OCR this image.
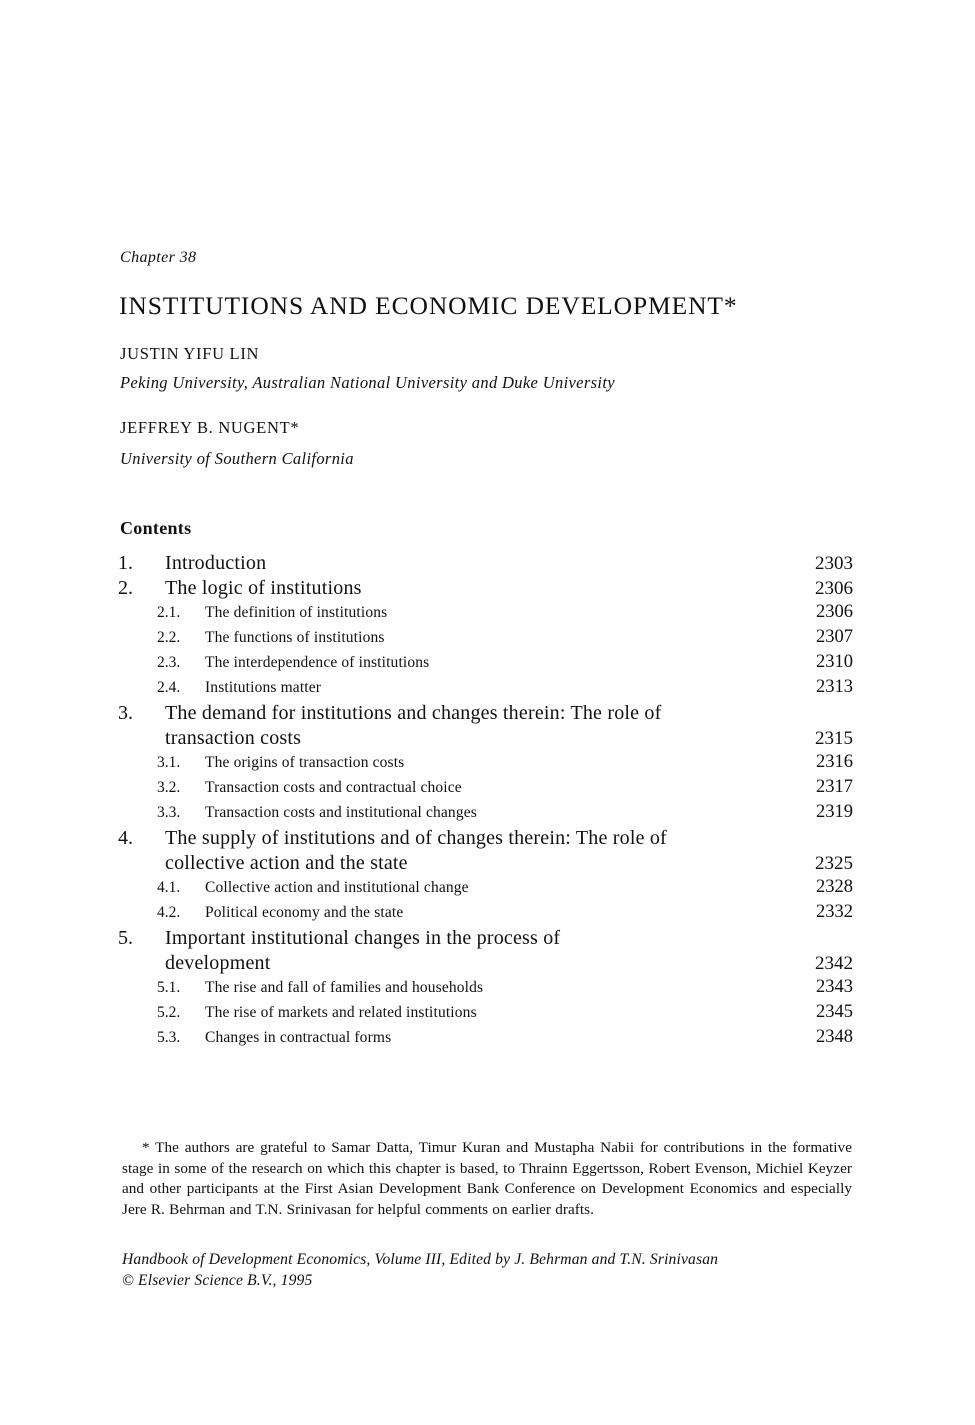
Chapter 38
INSTITUTIONS AND ECONOMIC DEVELOPMENT*
JUSTIN YIFU LIN
Peking University, Australian National University and Duke University
JEFFREY B. NUGENT*
University of Southern California
Contents
1. Introduction	2303
2. The logic of institutions	2306
2.1. The definition of institutions	2306
2.2. The functions of institutions	2307
2.3. The interdependence of institutions	2310
2.4. Institutions matter	2313
3. The demand for institutions and changes therein: The role of
transaction costs	2315
3.1. The origins of transaction costs	2316
3.2. Transaction costs and contractual choice	2317
3.3. Transaction costs and institutional changes	2319
4. The supply of institutions and of changes therein: The role of
collective action and the state	2325
4.1. Collective action and institutional change	2328
4.2. Political economy and the state	2332
5. Important institutional changes in the process of
development	2342
5.1. The rise and fall of families and households	2343
5.2. The rise of markets and related institutions	2345
5.3. Changes in contractual forms	2348
* The authors are grateful to Samar Datta, Timur Kuran and Mustapha Nabii for contributions in the formative stage in some of the research on which this chapter is based, to Thrainn Eggertsson, Robert Evenson, Michiel Keyzer and other participants at the First Asian Development Bank Conference on Development Economics and especially Jere R. Behrman and T.N. Srinivasan for helpful comments on earlier drafts.
Handbook of Development Economics, Volume III, Edited by J. Behrman and T.N. Srinivasan
© Elsevier Science B.V., 1995
